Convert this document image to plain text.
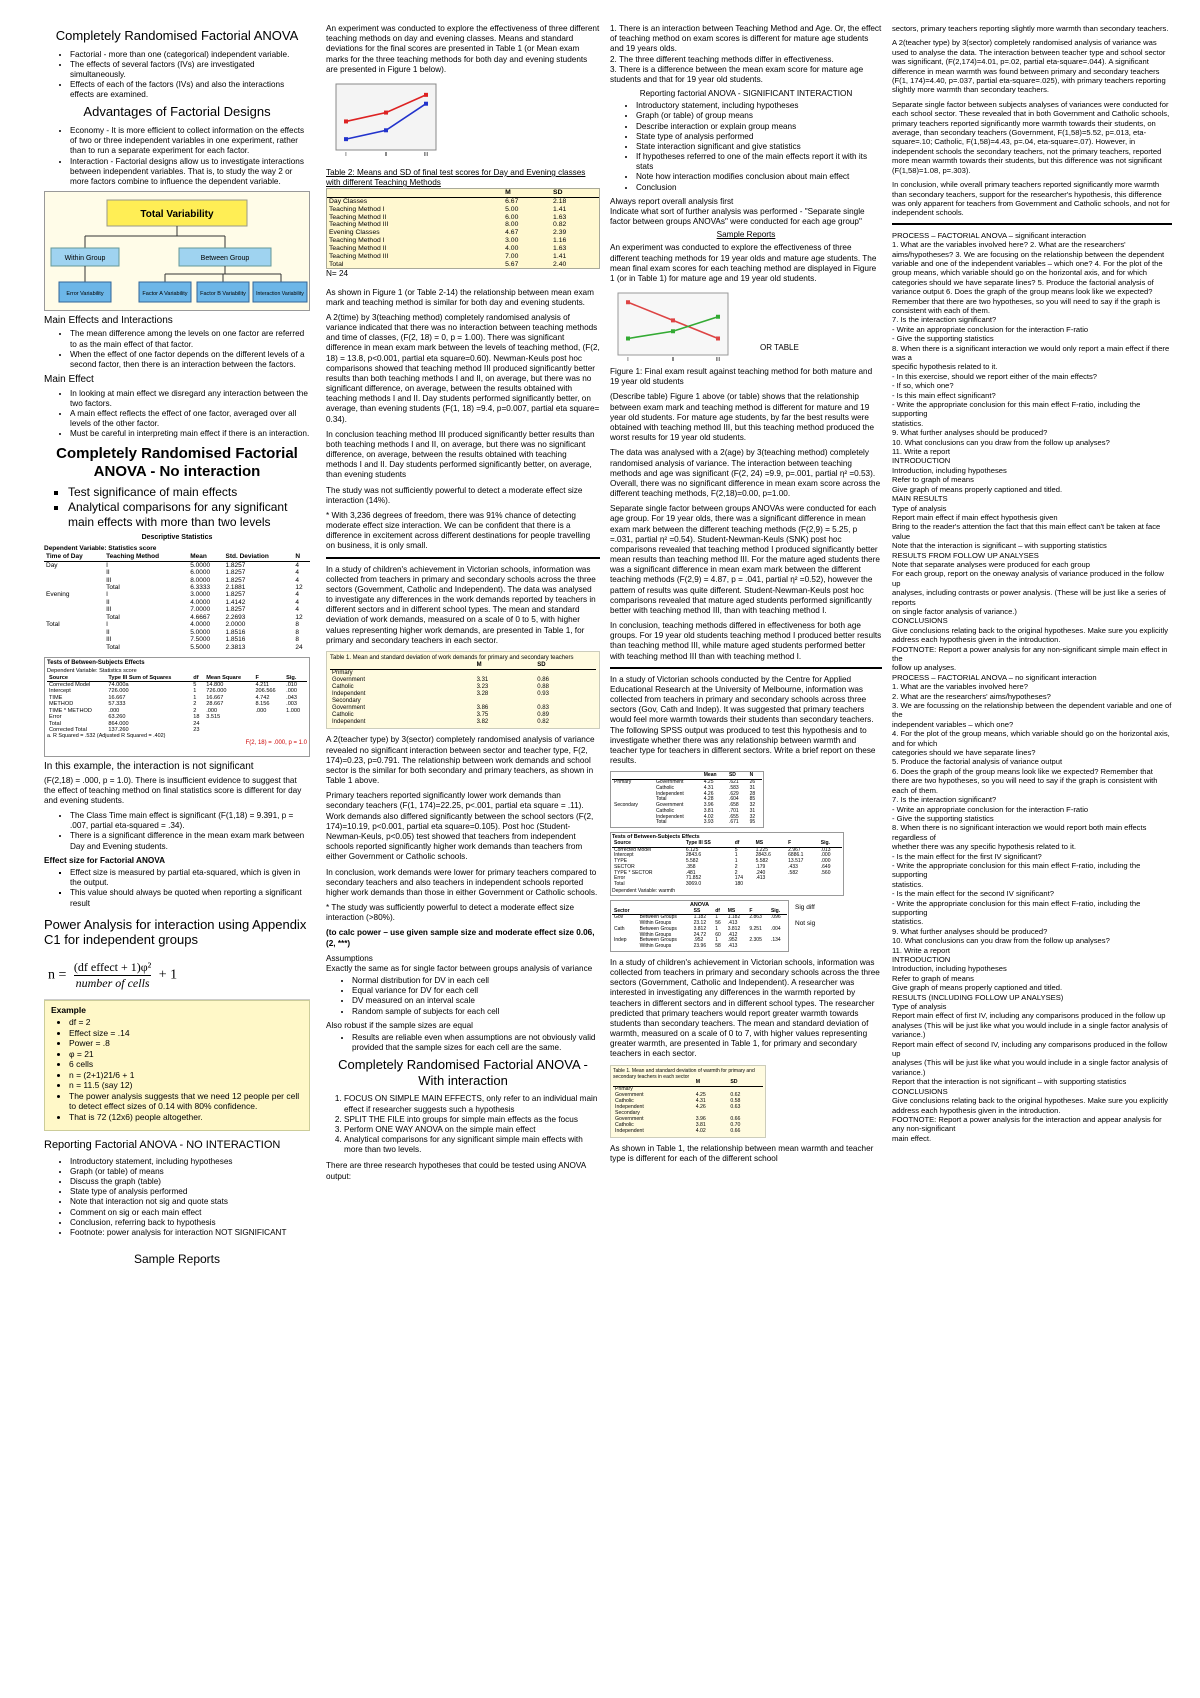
Completely Randomised Factorial ANOVA
• Factorial - more than one (categorical) independent variable.
• The effects of several factors (IVs) are investigated simultaneously.
• Effects of each of the factors (IVs) and also the interactions effects are examined.
Advantages of Factorial Designs
• Economy - It is more efficient to collect information on the effects of two or three independent variables in one experiment, rather than to run a separate experiment for each factor.
• Interaction - Factorial designs allow us to investigate interactions between independent variables. That is, to study the way 2 or more factors combine to influence the dependent variable.
Total Variability
Within Group	Between Group
Error Variability	Factor A Variability Factor B Variability Interaction Variability
Main Effects and Interactions
• The mean difference among the levels on one factor are referred to as the main effect of that factor.
• When the effect of one factor depends on the different levels of a second factor, then there is an interaction between the factors.
Main Effect
• In looking at main effect we disregard any interaction between the two factors.
• A main effect reflects the effect of one factor, averaged over all levels of the other factor.
• Must be careful in interpreting main effect if there is an interaction.
Completely Randomised Factorial ANOVA - No interaction
▪ Test significance of main effects
▪ Analytical comparisons for any significant main effects with more than two levels
Descriptive Statistics
Dependent Variable: Statistics score
Time of Day	Teaching Method	Mean	Std. Deviation	N
Day	I	5.0000	1.8257	4
	II	6.0000	1.8257	4
	III	8.0000	1.8257	4
	Total	6.3333	2.1881	12
Evening	I	3.0000	1.8257	4
	II	4.0000	1.4142	4
	III	7.0000	1.8257	4
	Total	4.6667	2.2693	12
Total	I	4.0000	2.0000	8
	II	5.0000	1.8516	8
	III	7.5000	1.8516	8
	Total	5.5000	2.3813	24
Tests of Between-Subjects Effects
Dependent Variable: Statistics score
Source	Type III Sum of Squares	df	Mean Square	F	Sig.
Corrected Model	74.000a	5	14.800	4.211	.010
Intercept	726.000	1	726.000	206.566	.000
TIME	16.667	1	16.667	4.742	.043
METHOD	57.333	2	28.667	8.156	.003
TIME * METHOD	.000	2	.000	.000	1.000
Error	63.260	18	3.515		
Total	864.000	24			
Corrected Total	137.260	23			
a. R Squared = .532 (Adjusted R Squared = .402)
F(2, 18) = .000, p = 1.0
In this example, the interaction is not significant

(F(2,18) = .000, p = 1.0). There is insufficient evidence to suggest that the effect of teaching method on final statistics score is different for day and evening students.

• The Class Time main effect is significant (F(1,18) = 9.391, p = .007, partial eta-squared = .34).
• There is a significant difference in the mean exam mark between Day and Evening students.
Effect size for Factorial ANOVA
▪ Effect size is measured by partial eta-squared, which is given in the output.
▪ This value should always be quoted when reporting a significant result
Power Analysis for interaction using Appendix C1 for independent groups
n =
(df effect + 1)φ²
number of cells
+ 1
Example
• df = 2
• Effect size = .14
• Power = .8
• φ = 21
• 6 cells
• n = (2+1)21/6 + 1
• n = 11.5 (say 12)
• The power analysis suggests that we need 12 people per cell to detect effect sizes of 0.14 with 80% confidence.
• That is 72 (12x6) people altogether.
Reporting Factorial ANOVA - NO INTERACTION
• Introductory statement, including hypotheses
• Graph (or table) of means
• Discuss the graph (table)
• State type of analysis performed
• Note that interaction not sig and quote stats
• Comment on sig or each main effect
• Conclusion, referring back to hypothesis
• Footnote: power analysis for interaction NOT SIGNIFICANT
Sample Reports

An experiment was conducted to explore the effectiveness of three different teaching methods on day and evening classes. Means and standard deviations for the final scores are presented in Table 1 (or Mean exam marks for the three teaching methods for both day and evening students are presented in Figure 1 below).

I	II	III
Table 2: Means and SD of final test scores for Day and Evening classes with different Teaching Methods
	M	SD
Day Classes	6.67	2.18
Teaching Method I	5.00	1.41
Teaching Method II	6.00	1.63
Teaching Method III	8.00	0.82
Evening Classes	4.67	2.39
Teaching Method I	3.00	1.16
Teaching Method II	4.00	1.63
Teaching Method III	7.00	1.41
Total	5.67	2.40
N= 24

As shown in Figure 1 (or Table 2-14) the relationship between mean exam mark and teaching method is similar for both day and evening students.

A 2(time) by 3(teaching method) completely randomised analysis of variance indicated that there was no interaction between teaching methods and time of classes, (F(2, 18) = 0, p = 1.00). There was significant difference in mean exam mark between the levels of teaching method, (F(2, 18) = 13.8, p<0.001, partial eta square=0.60). Newman-Keuls post hoc comparisons showed that teaching method III produced significantly better results than both teaching methods I and II, on average, but there was no significant difference, on average, between the results obtained with teaching methods I and II. Day students performed significantly better, on average, than evening students (F(1, 18) =9.4, p=0.007, partial eta square= 0.34).

In conclusion teaching method III produced significantly better results than both teaching methods I and II, on average, but there was no significant difference, on average, between the results obtained with teaching methods I and II. Day students performed significantly better, on average, than evening students

The study was not sufficiently powerful to detect a moderate effect size interaction (14%).

* With 3,236 degrees of freedom, there was 91% chance of detecting moderate effect size interaction. We can be confident that there is a difference in excitement across different destinations for people travelling on business, it is only small.

In a study of children's achievement in Victorian schools, information was collected from teachers in primary and secondary schools across the three sectors (Government, Catholic and Independent). The data was analysed to investigate any differences in the work demands reported by teachers in different sectors and in different school types. The mean and standard deviation of work demands, measured on a scale of 0 to 5, with higher values representing higher work demands, are presented in Table 1, for primary and secondary teachers in each sector.

Table 1. Mean and standard deviation of work demands for primary and secondary teachers
	M	SD
Primary		
Government	3.31	0.86
Catholic	3.23	0.88
Independent	3.28	0.93
Secondary		
Government	3.86	0.83
Catholic	3.75	0.89
Independent	3.82	0.82

A 2(teacher type) by 3(sector) completely randomised analysis of variance revealed no significant interaction between sector and teacher type, F(2, 174)=0.23, p=0.791. The relationship between work demands and school sector is the similar for both secondary and primary teachers, as shown in Table 1 above.

Primary teachers reported significantly lower work demands than secondary teachers (F(1, 174)=22.25, p<.001, partial eta square = .11). Work demands also differed significantly between the school sectors (F(2, 174)=10.19, p<0.001, partial eta square=0.105). Post hoc (Student-Newman-Keuls, p<0.05) test showed that teachers from independent schools reported significantly higher work demands than teachers from either Government or Catholic schools.

In conclusion, work demands were lower for primary teachers compared to secondary teachers and also teachers in independent schools reported higher work demands than those in either Government or Catholic schools.

* The study was sufficiently powerful to detect a moderate effect size interaction (>80%).

(to calc power – use given sample size and moderate effect size 0.06, (2, ***)

Assumptions
Exactly the same as for single factor between groups analysis of variance
• Normal distribution for DV in each cell
• Equal variance for DV for each cell
• DV measured on an interval scale
• Random sample of subjects for each cell
Also robust if the sample sizes are equal
• Results are reliable even when assumptions are not obviously valid provided that the sample sizes for each cell are the same.
Completely Randomised Factorial ANOVA - With interaction
1. FOCUS ON SIMPLE MAIN EFFECTS, only refer to an individual main effect if researcher suggests such a hypothesis
2. SPLIT THE FILE into groups for simple main effects as the focus
3. Perform ONE WAY ANOVA on the simple main effect
4. Analytical comparisons for any significant simple main effects with more than two levels.

There are three research hypotheses that could be tested using ANOVA output:

1. There is an interaction between Teaching Method and Age. Or, the effect of teaching method on exam scores is different for mature age students and 19 years olds.
2. The three different teaching methods differ in effectiveness.
3. There is a difference between the mean exam score for mature age students and that for 19 year old students.
Reporting factorial ANOVA - SIGNIFICANT INTERACTION
• Introductory statement, including hypotheses
• Graph (or table) of group means
• Describe interaction or explain group means
• State type of analysis performed
• State interaction significant and give statistics
• If hypotheses referred to one of the main effects report it with its stats
• Note how interaction modifies conclusion about main effect
• Conclusion
Always report overall analysis first
Indicate what sort of further analysis was performed - "Separate single factor between groups ANOVAs" were conducted for each age group"
Sample Reports

An experiment was conducted to explore the effectiveness of three different teaching methods for 19 year olds and mature age students. The mean final exam scores for each teaching method are displayed in Figure 1 (or in Table 1) for mature age and 19 year old students.

I	II	III
OR TABLE

Figure 1: Final exam result against teaching method for both mature and 19 year old students

(Describe table) Figure 1 above (or table) shows that the relationship between exam mark and teaching method is different for mature and 19 year old students. For mature age students, by far the best results were obtained with teaching method III, but this teaching method produced the worst results for 19 year old students.

The data was analysed with a 2(age) by 3(teaching method) completely randomised analysis of variance. The interaction between teaching methods and age was significant (F(2, 24) =9.9, p=.001, partial η² =0.53). Overall, there was no significant difference in mean exam score across the different teaching methods, F(2,18)=0.00, p=1.00.

Separate single factor between groups ANOVAs were conducted for each age group. For 19 year olds, there was a significant difference in mean exam mark between the different teaching methods (F(2,9) = 5.25, p =.031, partial η² =0.54). Student-Newman-Keuls (SNK) post hoc comparisons revealed that teaching method I produced significantly better mean results than teaching method III. For the mature aged students there was a significant difference in mean exam mark between the different teaching methods (F(2,9) = 4.87, p = .041, partial η² =0.52), however the pattern of results was quite different. Student-Newman-Keuls post hoc comparisons revealed that mature aged students performed significantly better with teaching method III, than with teaching method I.

In conclusion, teaching methods differed in effectiveness for both age groups. For 19 year old students teaching method I produced better results than teaching method III, while mature aged students performed better with teaching method III than with teaching method I.

In a study of Victorian schools conducted by the Centre for Applied Educational Research at the University of Melbourne, information was collected from teachers in primary and secondary schools across three sectors (Gov, Cath and Indep). It was suggested that primary teachers would feel more warmth towards their students than secondary teachers. The following SPSS output was produced to test this hypothesis and to investigate whether there was any relationship between warmth and teacher type for teachers in different sectors. Write a brief report on these results.

		Mean	SD	N
Primary	Government	4.25	.621	26
	Catholic	4.31	.583	31
	Independent	4.26	.629	28
	Total	4.28	.604	85
Secondary	Government	3.96	.658	32
	Catholic	3.81	.701	31
	Independent	4.02	.655	32
	Total	3.93	.671	95
Tests of Between-Subjects Effects
Source	Type III SS	df	MS	F	Sig.
Corrected Model	6.125	5	1.225	2.967	.013
Intercept	2843.6	1	2843.6	6886.1	.000
TYPE	5.582	1	5.582	13.517	.000
SECTOR	.358	2	.179	.433	.649
TYPE * SECTOR	.481	2	.240	.582	.560
Error	71.852	174	.413		
Total	3069.0	180			
Dependent Variable: warmth
ANOVA
Sector		SS	df	MS	F	Sig.
Gov	Between Groups	1.182	1	1.182	2.863	.096
	Within Groups	23.12	56	.413		
Cath	Between Groups	3.812	1	3.812	9.251	.004
	Within Groups	24.72	60	.412		
Indep	Between Groups	.952	1	.952	2.305	.134
	Within Groups	23.96	58	.413		
Sig diff
Not sig

In a study of children's achievement in Victorian schools, information was collected from teachers in primary and secondary schools across the three sectors (Government, Catholic and Independent). A researcher was interested in investigating any differences in the warmth reported by teachers in different sectors and in different school types. The researcher predicted that primary teachers would report greater warmth towards students than secondary teachers. The mean and standard deviation of warmth, measured on a scale of 0 to 7, with higher values representing greater warmth, are presented in Table 1, for primary and secondary teachers in each sector.

Table 1. Mean and standard deviation of warmth for primary and secondary teachers in each sector
	M	SD
Primary		
Government	4.25	0.62
Catholic	4.31	0.58
Independent	4.26	0.63
Secondary		
Government	3.96	0.66
Catholic	3.81	0.70
Independent	4.02	0.66

As shown in Table 1, the relationship between mean warmth and teacher type is different for each of the different school

sectors, primary teachers reporting slightly more warmth than secondary teachers.

A 2(teacher type) by 3(sector) completely randomised analysis of variance was used to analyse the data. The interaction between teacher type and school sector was significant, (F(2,174)=4.01, p=.02, partial eta-square=.044). A significant difference in mean warmth was found between primary and secondary teachers (F(1, 174)=4.40, p=.037, partial eta-square=.025), with primary teachers reporting slightly more warmth than secondary teachers.

Separate single factor between subjects analyses of variances were conducted for each school sector. These revealed that in both Government and Catholic schools, primary teachers reported significantly more warmth towards their students, on average, than secondary teachers (Government, F(1,58)=5.52, p=.013, eta-square=.10; Catholic, F(1,58)=4.43, p=.04, eta-square=.07). However, in independent schools the secondary teachers, not the primary teachers, reported more mean warmth towards their students, but this difference was not significant (F(1,58)=1.08, p=.303).

In conclusion, while overall primary teachers reported significantly more warmth than secondary teachers, support for the researcher's hypothesis, this difference was only apparent for teachers from Government and Catholic schools, and not for independent schools.

PROCESS – FACTORIAL ANOVA – significant interaction
1. What are the variables involved here? 2. What are the researchers' aims/hypotheses? 3. We are focusing on the relationship between the dependent variable and one of the independent variables – which one? 4. For the plot of the group means, which variable should go on the horizontal axis, and for which categories should we have separate lines? 5. Produce the factorial analysis of variance output 6. Does the graph of the group means look like we expected? Remember that there are two hypotheses, so you will need to say if the graph is consistent with each of them.
7. Is the interaction significant?
- Write an appropriate conclusion for the interaction F-ratio
- Give the supporting statistics
8. When there is a significant interaction we would only report a main effect if there was a
specific hypothesis related to it.
- In this exercise, should we report either of the main effects?
- If so, which one?
- Is this main effect significant?
- Write the appropriate conclusion for this main effect F-ratio, including the supporting
statistics.
9. What further analyses should be produced?
10. What conclusions can you draw from the follow up analyses?
11. Write a report
INTRODUCTION
Introduction, including hypotheses
Refer to graph of means
Give graph of means properly captioned and titled.
MAIN RESULTS
Type of analysis
Report main effect if main effect hypothesis given
Bring to the reader's attention the fact that this main effect can't be taken at face value
Note that the interaction is significant – with supporting statistics
RESULTS FROM FOLLOW UP ANALYSES
Note that separate analyses were produced for each group
For each group, report on the oneway analysis of variance produced in the follow up
analyses, including contrasts or power analysis. (These will be just like a series of reports
on single factor analysis of variance.)
CONCLUSIONS
Give conclusions relating back to the original hypotheses. Make sure you explicitly
address each hypothesis given in the introduction.
FOOTNOTE: Report a power analysis for any non-significant simple main effect in the
follow up analyses.
PROCESS – FACTORIAL ANOVA – no significant interaction
1. What are the variables involved here?
2. What are the researchers' aims/hypotheses?
3. We are focussing on the relationship between the dependent variable and one of the
independent variables – which one?
4. For the plot of the group means, which variable should go on the horizontal axis, and for which
categories should we have separate lines?
5. Produce the factorial analysis of variance output
6. Does the graph of the group means look like we expected? Remember that there are two hypotheses, so you will need to say if the graph is consistent with each of them.
7. Is the interaction significant?
- Write an appropriate conclusion for the interaction F-ratio
- Give the supporting statistics
8. When there is no significant interaction we would report both main effects regardless of
whether there was any specific hypothesis related to it.
- Is the main effect for the first IV significant?
- Write the appropriate conclusion for this main effect F-ratio, including the supporting
statistics.
- Is the main effect for the second IV significant?
- Write the appropriate conclusion for this main effect F-ratio, including the supporting
statistics.
9. What further analyses should be produced?
10. What conclusions can you draw from the follow up analyses?
11. Write a report
INTRODUCTION
Introduction, including hypotheses
Refer to graph of means
Give graph of means properly captioned and titled.
RESULTS (INCLUDING FOLLOW UP ANALYSES)
Type of analysis
Report main effect of first IV, including any comparisons produced in the follow up
analyses (This will be just like what you would include in a single factor analysis of
variance.)
Report main effect of second IV, including any comparisons produced in the follow up
analyses (This will be just like what you would include in a single factor analysis of
variance.)
Report that the interaction is not significant – with supporting statistics
CONCLUSIONS
Give conclusions relating back to the original hypotheses. Make sure you explicitly
address each hypothesis given in the introduction.
FOOTNOTE: Report a power analysis for the interaction and appear analysis for any non-significant
main effect.
